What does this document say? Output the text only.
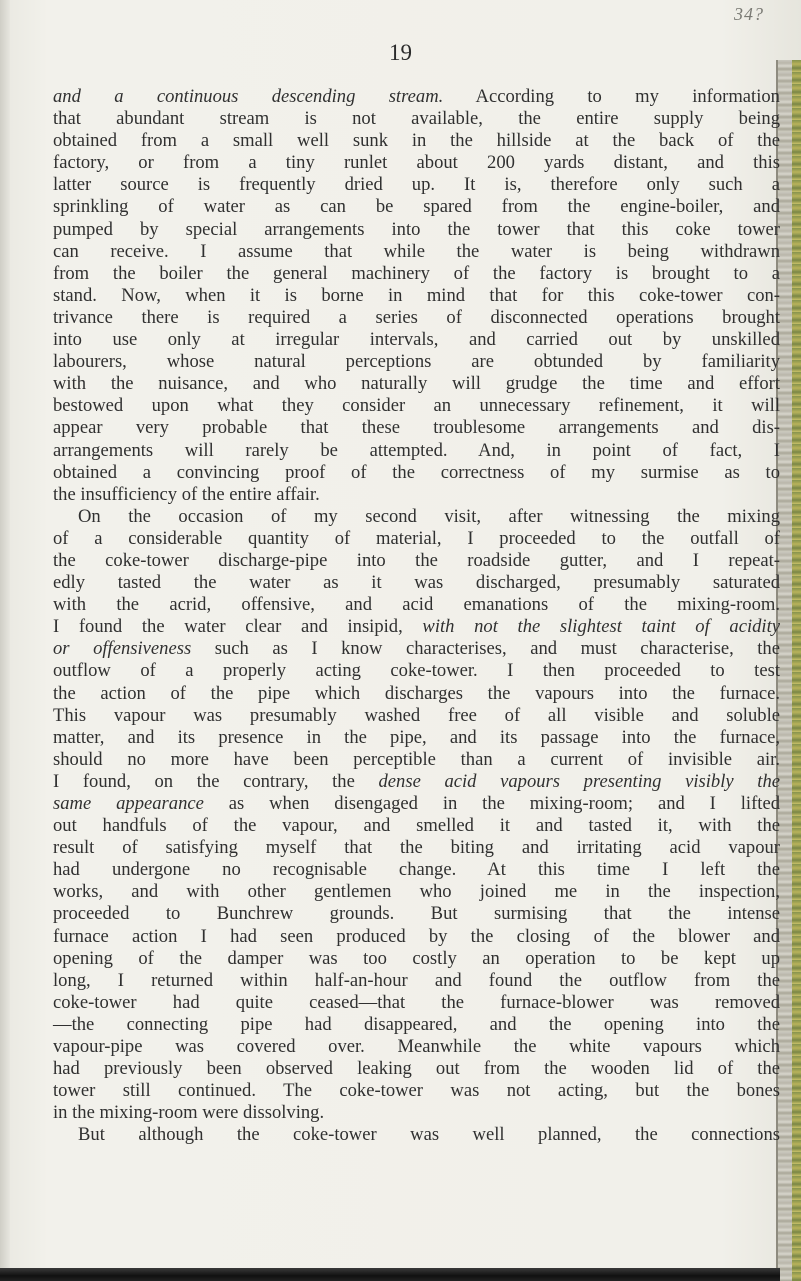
34?
19
and a continuous descending stream. According to my information
that abundant stream is not available, the entire supply being
obtained from a small well sunk in the hillside at the back of the
factory, or from a tiny runlet about 200 yards distant, and this
latter source is frequently dried up. It is, therefore only such a
sprinkling of water as can be spared from the engine-boiler, and
pumped by special arrangements into the tower that this coke tower
can receive. I assume that while the water is being withdrawn
from the boiler the general machinery of the factory is brought to a
stand. Now, when it is borne in mind that for this coke-tower con-
trivance there is required a series of disconnected operations brought
into use only at irregular intervals, and carried out by unskilled
labourers, whose natural perceptions are obtunded by familiarity
with the nuisance, and who naturally will grudge the time and effort
bestowed upon what they consider an unnecessary refinement, it will
appear very probable that these troublesome arrangements and dis-
arrangements will rarely be attempted. And, in point of fact, I
obtained a convincing proof of the correctness of my surmise as to
the insufficiency of the entire affair.
On the occasion of my second visit, after witnessing the mixing
of a considerable quantity of material, I proceeded to the outfall of
the coke-tower discharge-pipe into the roadside gutter, and I repeat-
edly tasted the water as it was discharged, presumably saturated
with the acrid, offensive, and acid emanations of the mixing-room.
I found the water clear and insipid, with not the slightest taint of acidity
or offensiveness such as I know characterises, and must characterise, the
outflow of a properly acting coke-tower. I then proceeded to test
the action of the pipe which discharges the vapours into the furnace.
This vapour was presumably washed free of all visible and soluble
matter, and its presence in the pipe, and its passage into the furnace,
should no more have been perceptible than a current of invisible air.
I found, on the contrary, the dense acid vapours presenting visibly the
same appearance as when disengaged in the mixing-room; and I lifted
out handfuls of the vapour, and smelled it and tasted it, with the
result of satisfying myself that the biting and irritating acid vapour
had undergone no recognisable change. At this time I left the
works, and with other gentlemen who joined me in the inspection,
proceeded to Bunchrew grounds. But surmising that the intense
furnace action I had seen produced by the closing of the blower and
opening of the damper was too costly an operation to be kept up
long, I returned within half-an-hour and found the outflow from the
coke-tower had quite ceased—that the furnace-blower was removed
—the connecting pipe had disappeared, and the opening into the
vapour-pipe was covered over. Meanwhile the white vapours which
had previously been observed leaking out from the wooden lid of the
tower still continued. The coke-tower was not acting, but the bones
in the mixing-room were dissolving.
But although the coke-tower was well planned, the connections
